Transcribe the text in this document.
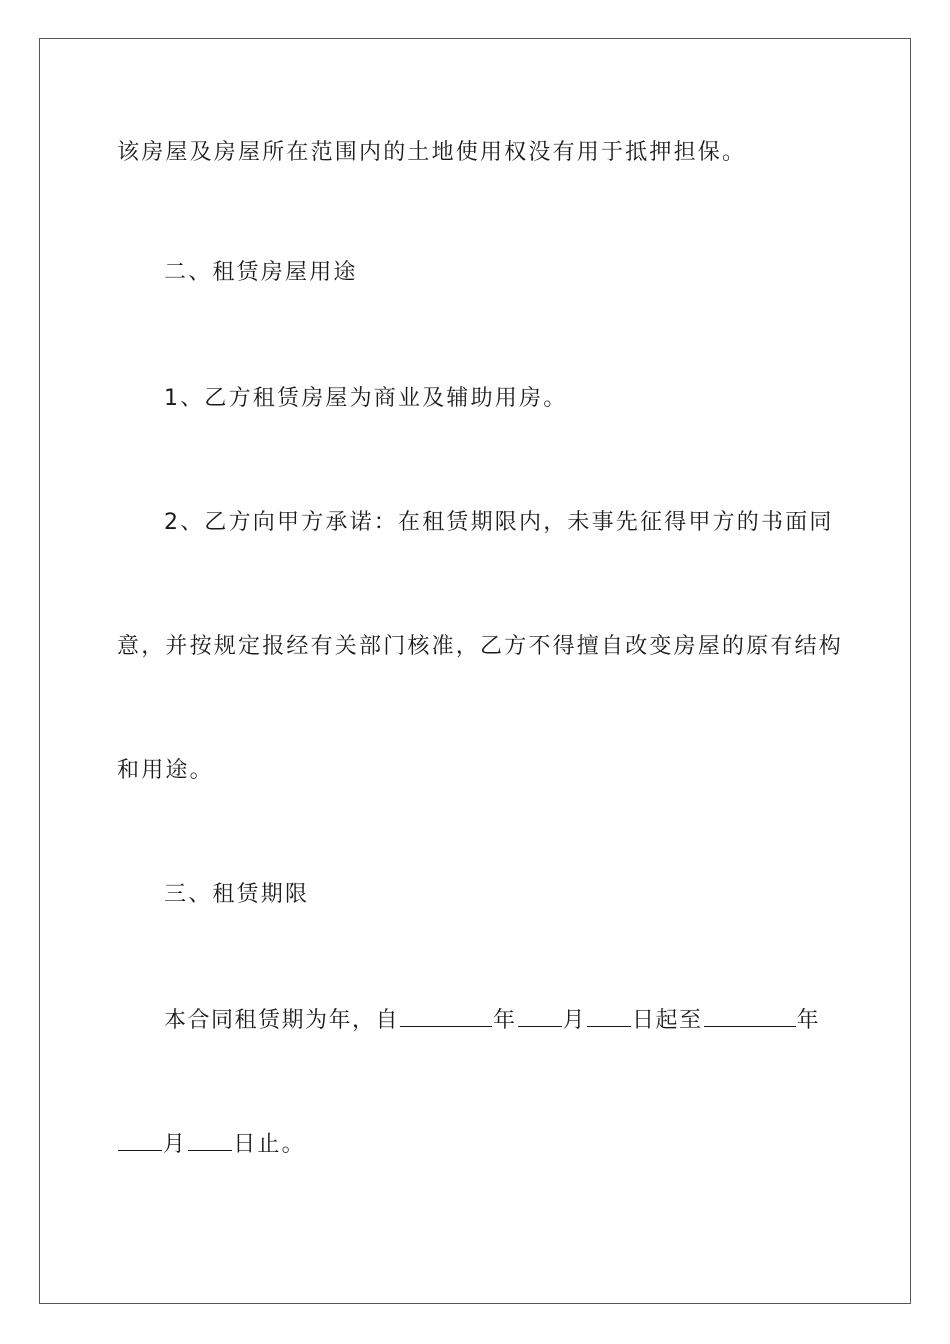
该房屋及房屋所在范围内的土地使用权没有用于抵押担保。

二、租赁房屋用途

1、乙方租赁房屋为商业及辅助用房。

2、乙方向甲方承诺：在租赁期限内，未事先征得甲方的书面同

意，并按规定报经有关部门核准，乙方不得擅自改变房屋的原有结构

和用途。

三、租赁期限

本合同租赁期为年，自	年 月 日起至	年
月 日止。
